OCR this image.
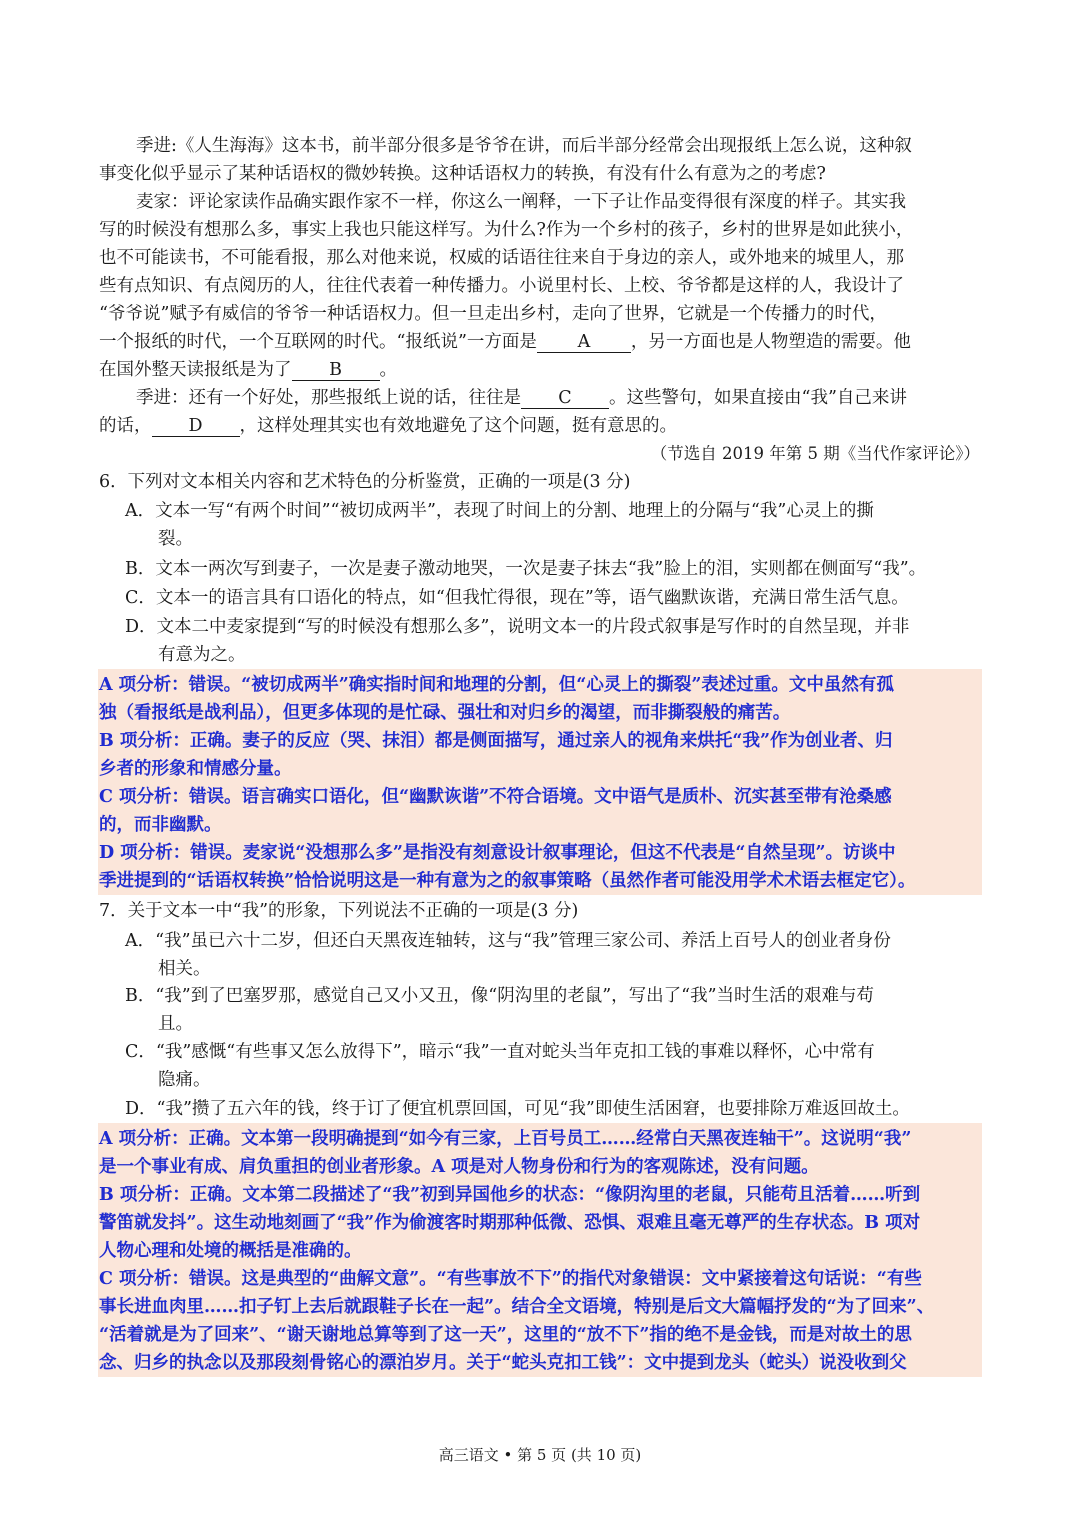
季进:《人生海海》这本书，前半部分很多是爷爷在讲，而后半部分经常会出现报纸上怎么说，这种叙
事变化似乎显示了某种话语权的微妙转换。这种话语权力的转换，有没有什么有意为之的考虑?
麦家：评论家读作品确实跟作家不一样，你这么一阐释，一下子让作品变得很有深度的样子。其实我
写的时候没有想那么多，事实上我也只能这样写。为什么?作为一个乡村的孩子，乡村的世界是如此狭小，
也不可能读书，不可能看报，那么对他来说，权威的话语往往来自于身边的亲人，或外地来的城里人，那
些有点知识、有点阅历的人，往往代表着一种传播力。小说里村长、上校、爷爷都是这样的人，我设计了
“爷爷说”赋予有威信的爷爷一种话语权力。但一旦走出乡村，走向了世界，它就是一个传播力的时代，
一个报纸的时代，一个互联网的时代。“报纸说”一方面是 A ，另一方面也是人物塑造的需要。他
在国外整天读报纸是为了 B 。
季进：还有一个好处，那些报纸上说的话，往往是 C 。这些警句，如果直接由“我”自己来讲
的话， D ，这样处理其实也有效地避免了这个问题，挺有意思的。
（节选自 2019 年第 5 期《当代作家评论》）
6．下列对文本相关内容和艺术特色的分析鉴赏，正确的一项是(3 分)
A．文本一写“有两个时间”“被切成两半”，表现了时间上的分割、地理上的分隔与“我”心灵上的撕
裂。
B．文本一两次写到妻子，一次是妻子激动地哭，一次是妻子抹去“我”脸上的泪，实则都在侧面写“我”。
C．文本一的语言具有口语化的特点，如“但我忙得很，现在”等，语气幽默诙谐，充满日常生活气息。
D．文本二中麦家提到“写的时候没有想那么多”，说明文本一的片段式叙事是写作时的自然呈现，并非
有意为之。
A 项分析：错误。“被切成两半”确实指时间和地理的分割，但“心灵上的撕裂”表述过重。文中虽然有孤
独（看报纸是战利品），但更多体现的是忙碌、强壮和对归乡的渴望，而非撕裂般的痛苦。
B 项分析：正确。妻子的反应（哭、抹泪）都是侧面描写，通过亲人的视角来烘托“我”作为创业者、归
乡者的形象和情感分量。
C 项分析：错误。语言确实口语化，但“幽默诙谐”不符合语境。文中语气是质朴、沉实甚至带有沧桑感
的，而非幽默。
D 项分析：错误。麦家说“没想那么多”是指没有刻意设计叙事理论，但这不代表是“自然呈现”。访谈中
季进提到的“话语权转换”恰恰说明这是一种有意为之的叙事策略（虽然作者可能没用学术术语去框定它）。
7．关于文本一中“我”的形象，下列说法不正确的一项是(3 分)
A．“我”虽已六十二岁，但还白天黑夜连轴转，这与“我”管理三家公司、养活上百号人的创业者身份
相关。
B．“我”到了巴塞罗那，感觉自己又小又丑，像“阴沟里的老鼠”，写出了“我”当时生活的艰难与苟
且。
C．“我”感慨“有些事又怎么放得下”，暗示“我”一直对蛇头当年克扣工钱的事难以释怀，心中常有
隐痛。
D．“我”攒了五六年的钱，终于订了便宜机票回国，可见“我”即使生活困窘，也要排除万难返回故土。
A 项分析：正确。文本第一段明确提到“如今有三家，上百号员工……经常白天黑夜连轴干”。这说明“我”
是一个事业有成、肩负重担的创业者形象。A 项是对人物身份和行为的客观陈述，没有问题。
B 项分析：正确。文本第二段描述了“我”初到异国他乡的状态：“像阴沟里的老鼠，只能苟且活着……听到
警笛就发抖”。这生动地刻画了“我”作为偷渡客时期那种低微、恐惧、艰难且毫无尊严的生存状态。B 项对
人物心理和处境的概括是准确的。
C 项分析：错误。这是典型的“曲解文意”。“有些事放不下”的指代对象错误：文中紧接着这句话说：“有些
事长进血肉里……扣子钉上去后就跟鞋子长在一起”。结合全文语境，特别是后文大篇幅抒发的“为了回来”、
“活着就是为了回来”、“谢天谢地总算等到了这一天”，这里的“放不下”指的绝不是金钱，而是对故土的思
念、归乡的执念以及那段刻骨铭心的漂泊岁月。关于“蛇头克扣工钱”：文中提到龙头（蛇头）说没收到父
高三语文 • 第 5 页 (共 10 页)
